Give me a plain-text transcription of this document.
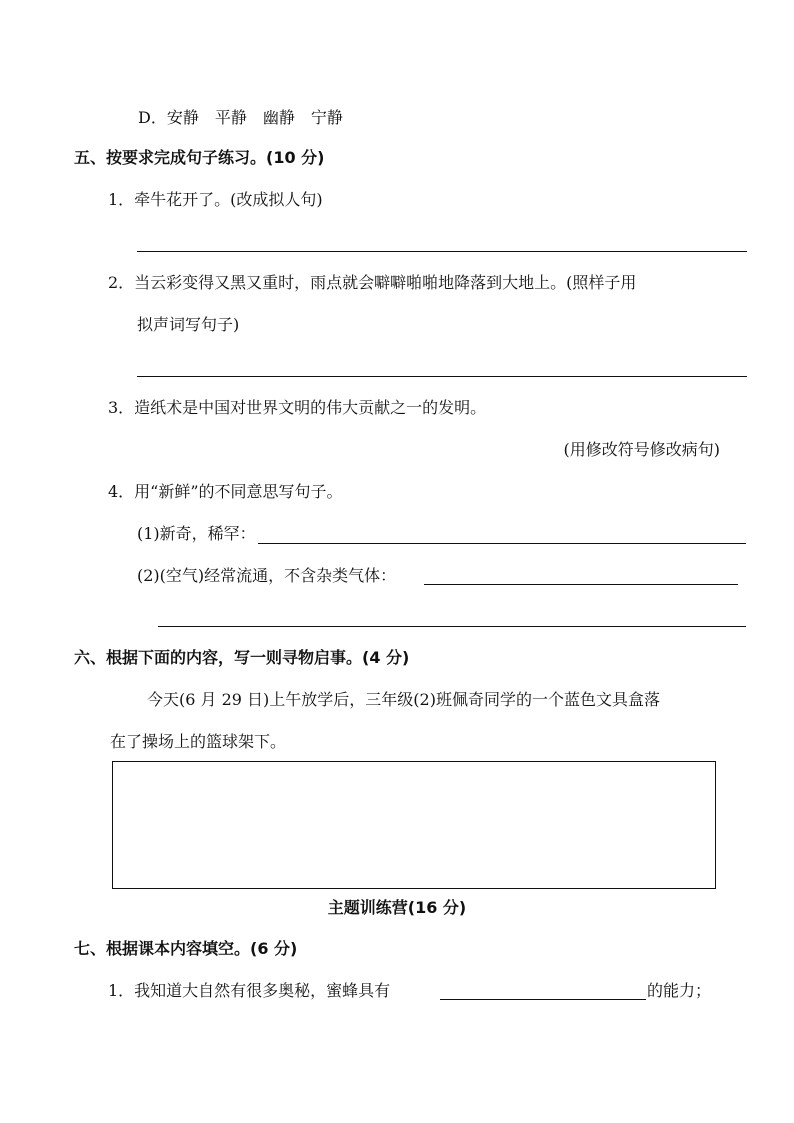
D．安静　平静　幽静　宁静
五、按要求完成句子练习。(10 分)
1．牵牛花开了。(改成拟人句)
2．当云彩变得又黑又重时，雨点就会噼噼啪啪地降落到大地上。(照样子用
拟声词写句子)
3．造纸术是中国对世界文明的伟大贡献之一的发明。
(用修改符号修改病句)
4．用“新鲜”的不同意思写句子。
(1)新奇，稀罕：
(2)(空气)经常流通，不含杂类气体：
六、根据下面的内容，写一则寻物启事。(4 分)
今天(6 月 29 日)上午放学后，三年级(2)班佩奇同学的一个蓝色文具盒落
在了操场上的篮球架下。
主题训练营(16 分)
七、根据课本内容填空。(6 分)
1．我知道大自然有很多奥秘，蜜蜂具有	的能力；
